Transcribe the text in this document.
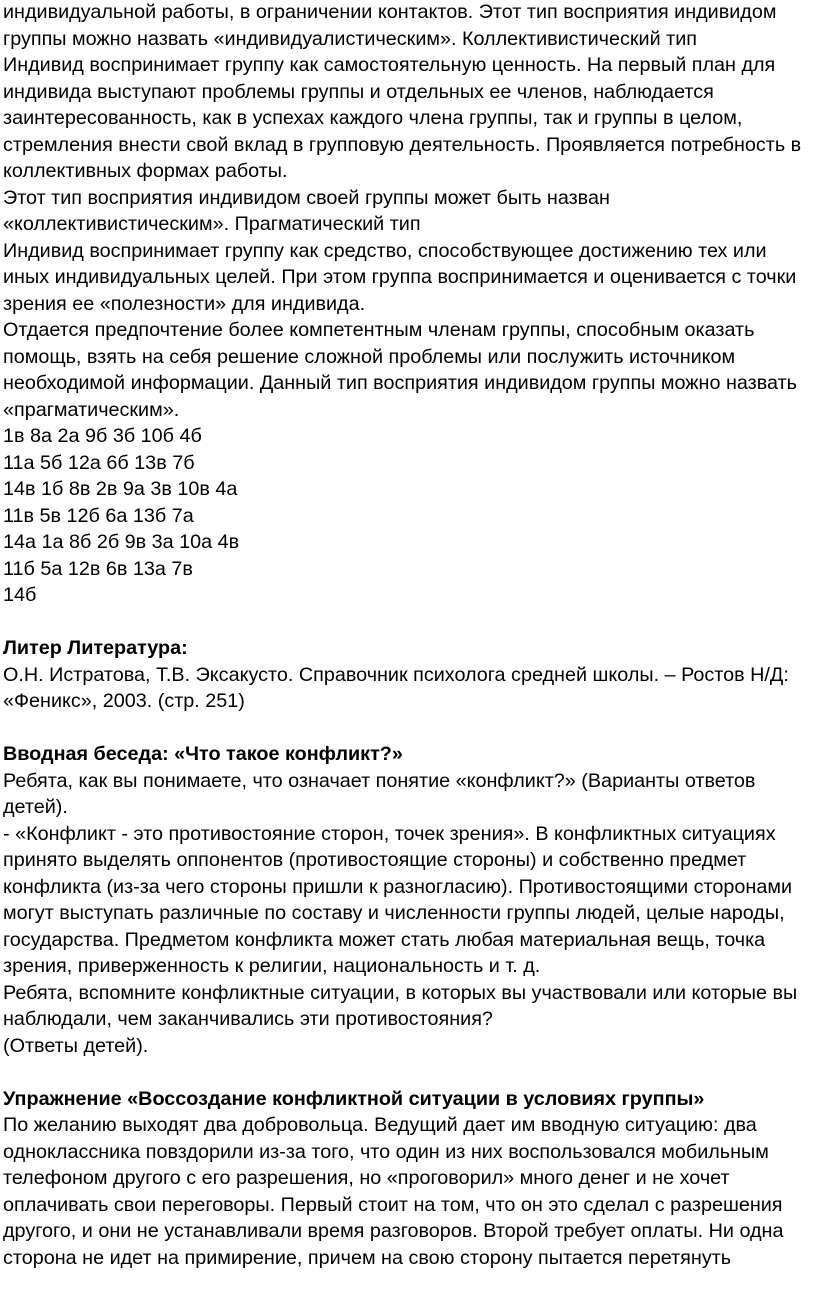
индивидуальной работы, в ограничении контактов. Этот тип восприятия индивидом
группы можно назвать «индивидуалистическим». Коллективистический тип
Индивид воспринимает группу как самостоятельную ценность. На первый план для
индивида выступают проблемы группы и отдельных ее членов, наблюдается
заинтересованность, как в успехах каждого члена группы, так и группы в целом,
стремления внести свой вклад в групповую деятельность. Проявляется потребность в
коллективных формах работы.
Этот тип восприятия индивидом своей группы может быть назван
«коллективистическим». Прагматический тип
Индивид воспринимает группу как средство, способствующее достижению тех или
иных индивидуальных целей. При этом группа воспринимается и оценивается с точки
зрения ее «полезности» для индивида.
Отдается предпочтение более компетентным членам группы, способным оказать
помощь, взять на себя решение сложной проблемы или послужить источником
необходимой информации. Данный тип восприятия индивидом группы можно назвать
«прагматическим».
1в 8а 2а 9б 3б 10б 4б
11а 5б 12а 6б 13в 7б
14в 1б 8в 2в 9а 3в 10в 4а
11в 5в 12б 6а 13б 7а
14а 1а 8б 2б 9в 3а 10а 4в
11б 5а 12в 6в 13а 7в
14б
Литер Литература:
О.Н. Истратова, Т.В. Эксакусто. Справочник психолога средней школы. – Ростов Н/Д:
«Феникс», 2003. (стр. 251)
Вводная беседа: «Что такое конфликт?»
Ребята, как вы понимаете, что означает понятие «конфликт?» (Варианты ответов
детей).
- «Конфликт - это противостояние сторон, точек зрения». В конфликтных ситуациях
принято выделять оппонентов (противостоящие стороны) и собственно предмет
конфликта (из-за чего стороны пришли к разногласию). Противостоящими сторонами
могут выступать различные по составу и численности группы людей, целые народы,
государства. Предметом конфликта может стать любая материальная вещь, точка
зрения, приверженность к религии, национальность и т. д.
Ребята, вспомните конфликтные ситуации, в которых вы участвовали или которые вы
наблюдали, чем заканчивались эти противостояния?
(Ответы детей).
Упражнение «Воссоздание конфликтной ситуации в условиях группы»
По желанию выходят два добровольца. Ведущий дает им вводную ситуацию: два
одноклассника повздорили из-за того, что один из них воспользовался мобильным
телефоном другого с его разрешения, но «проговорил» много денег и не хочет
оплачивать свои переговоры. Первый стоит на том, что он это сделал с разрешения
другого, и они не устанавливали время разговоров. Второй требует оплаты. Ни одна
сторона не идет на примирение, причем на свою сторону пытается перетянуть
